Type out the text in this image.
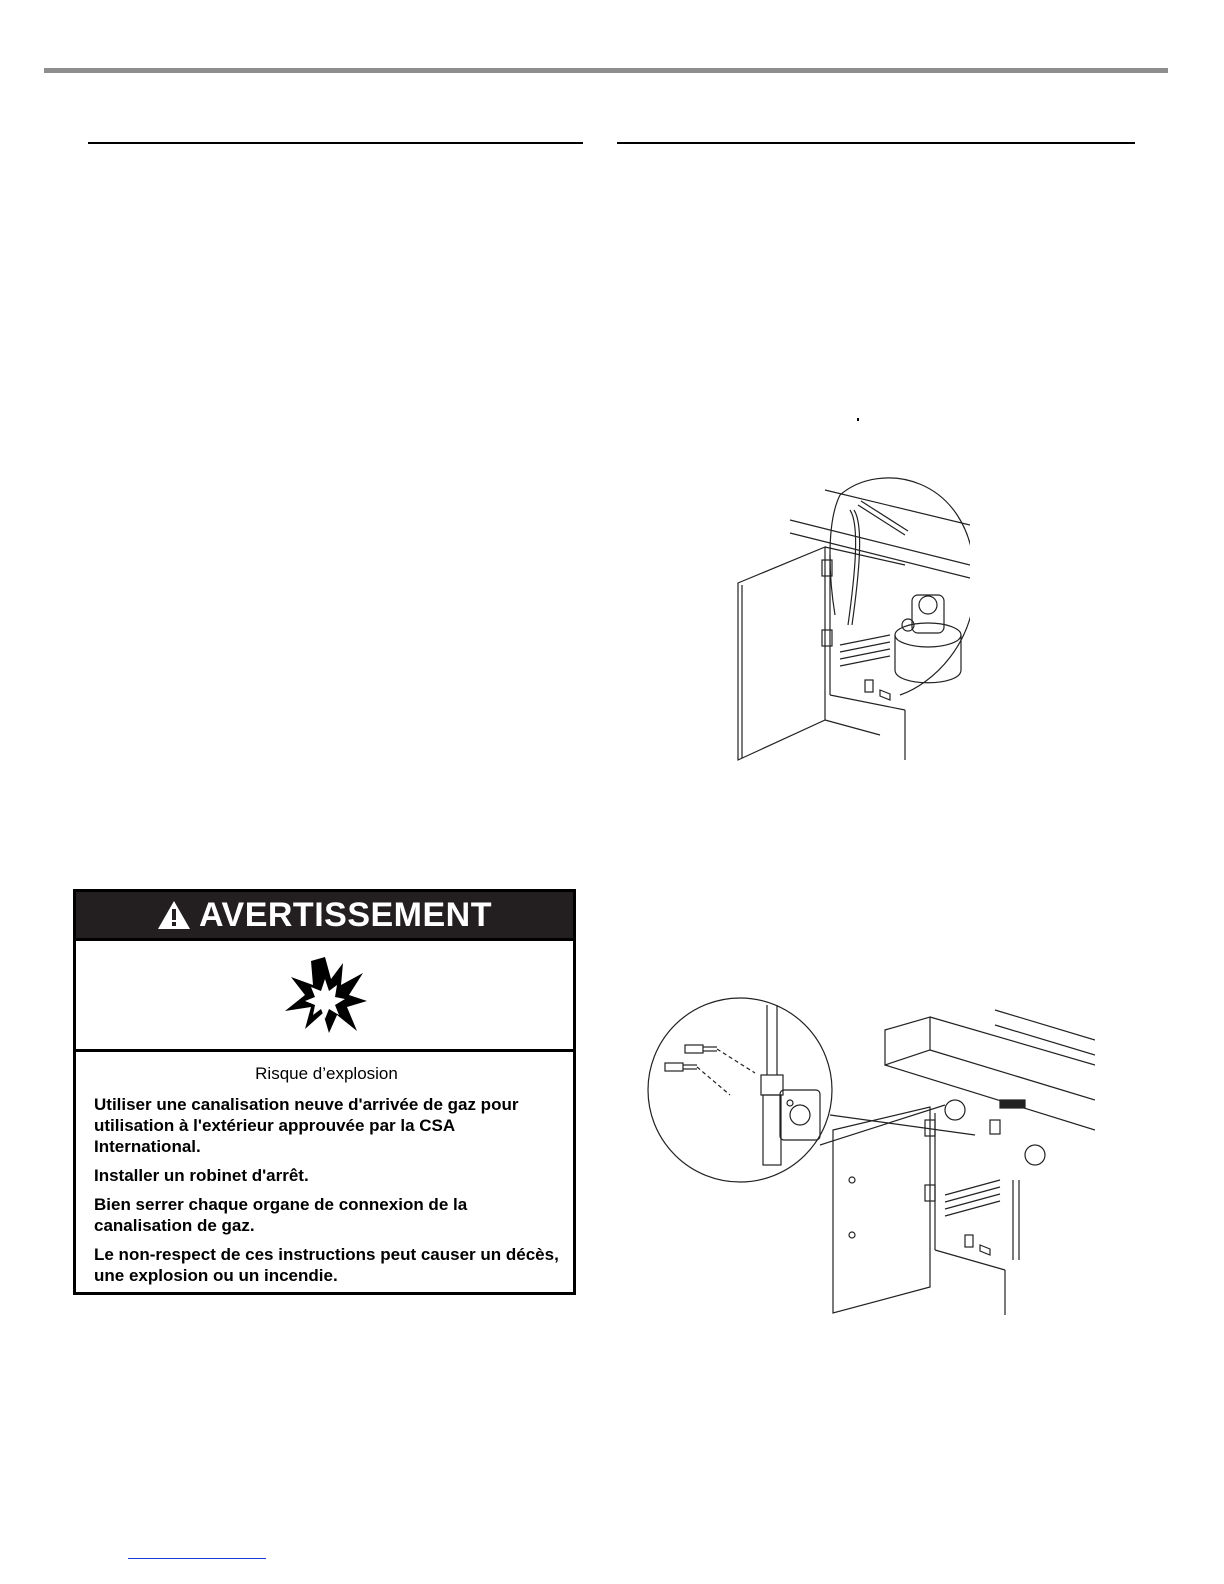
AVERTISSEMENT
Risque d’explosion

Utiliser une canalisation neuve d'arrivée de gaz pour utilisation à l'extérieur approuvée par la CSA International.

Installer un robinet d'arrêt.

Bien serrer chaque organe de connexion de la canalisation de gaz.

Le non-respect de ces instructions peut causer un décès, une explosion ou un incendie.
